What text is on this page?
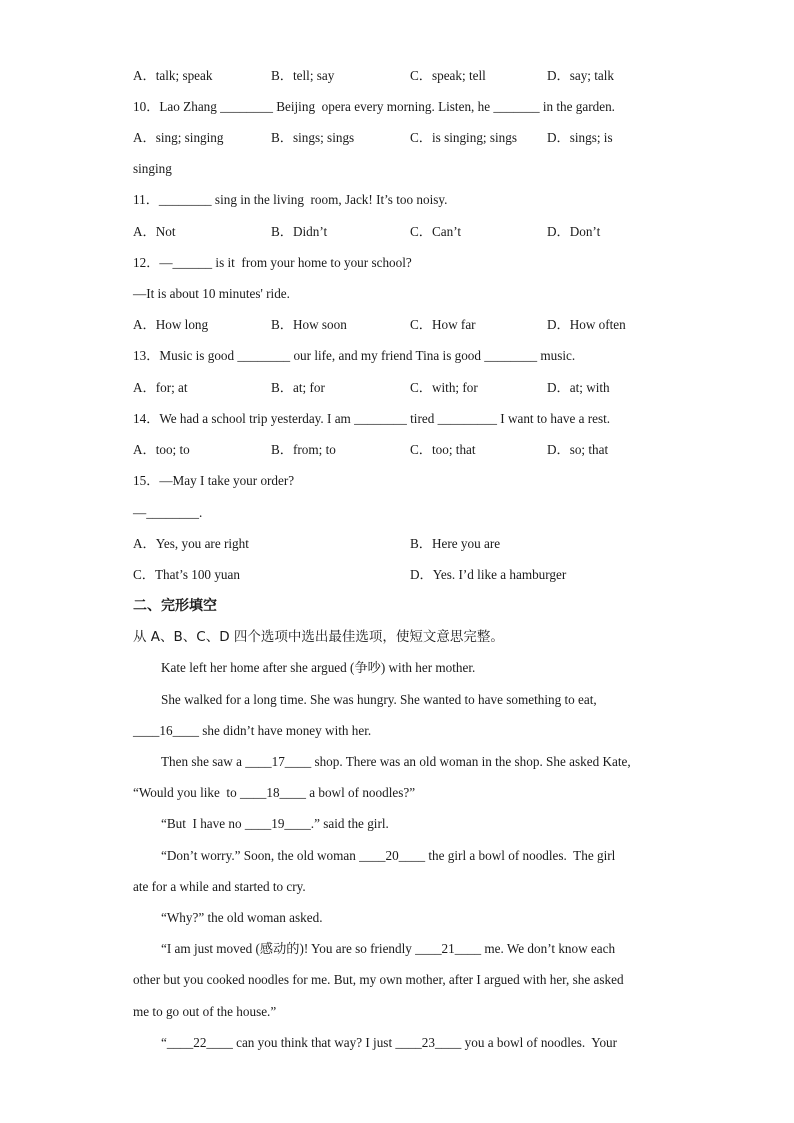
A．talk; speak	B．tell; say	C．speak; tell	D．say; talk
10．Lao Zhang ________ Beijing  opera every morning. Listen, he _______ in the garden.
A．sing; singing	B．sings; sings	C．is singing; sings D．sings; is
singing
11．________ sing in the living  room, Jack! It’s too noisy.
A．Not	B．Didn’t	C．Can’t	D．Don’t
12．—______ is it  from your home to your school?
—It is about 10 minutes' ride.
A．How long	B．How soon	C．How far	D．How often
13．Music is good ________ our life, and my friend Tina is good ________ music.
A．for; at	B．at; for	C．with; for	D．at; with
14．We had a school trip yesterday. I am ________ tired _________ I want to have a rest.
A．too; to	B．from; to	C．too; that	D．so; that
15．—May I take your order?
—________.
A．Yes, you are right	B．Here you are
C．That’s 100 yuan	D．Yes. I’d like a hamburger
二、完形填空
从 A、B、C、D 四个选项中选出最佳选项，使短文意思完整。
Kate left her home after she argued (争吵) with her mother.
She walked for a long time. She was hungry. She wanted to have something to eat,
____16____ she didn’t have money with her.
Then she saw a ____17____ shop. There was an old woman in the shop. She asked Kate,
“Would you like  to ____18____ a bowl of noodles?”
“But  I have no ____19____.” said the girl.
“Don’t worry.” Soon, the old woman ____20____ the girl a bowl of noodles.  The girl
ate for a while and started to cry.
“Why?” the old woman asked.
“I am just moved (感动的)! You are so friendly ____21____ me. We don’t know each
other but you cooked noodles for me. But, my own mother, after I argued with her, she asked
me to go out of the house.”
“____22____ can you think that way? I just ____23____ you a bowl of noodles.  Your
